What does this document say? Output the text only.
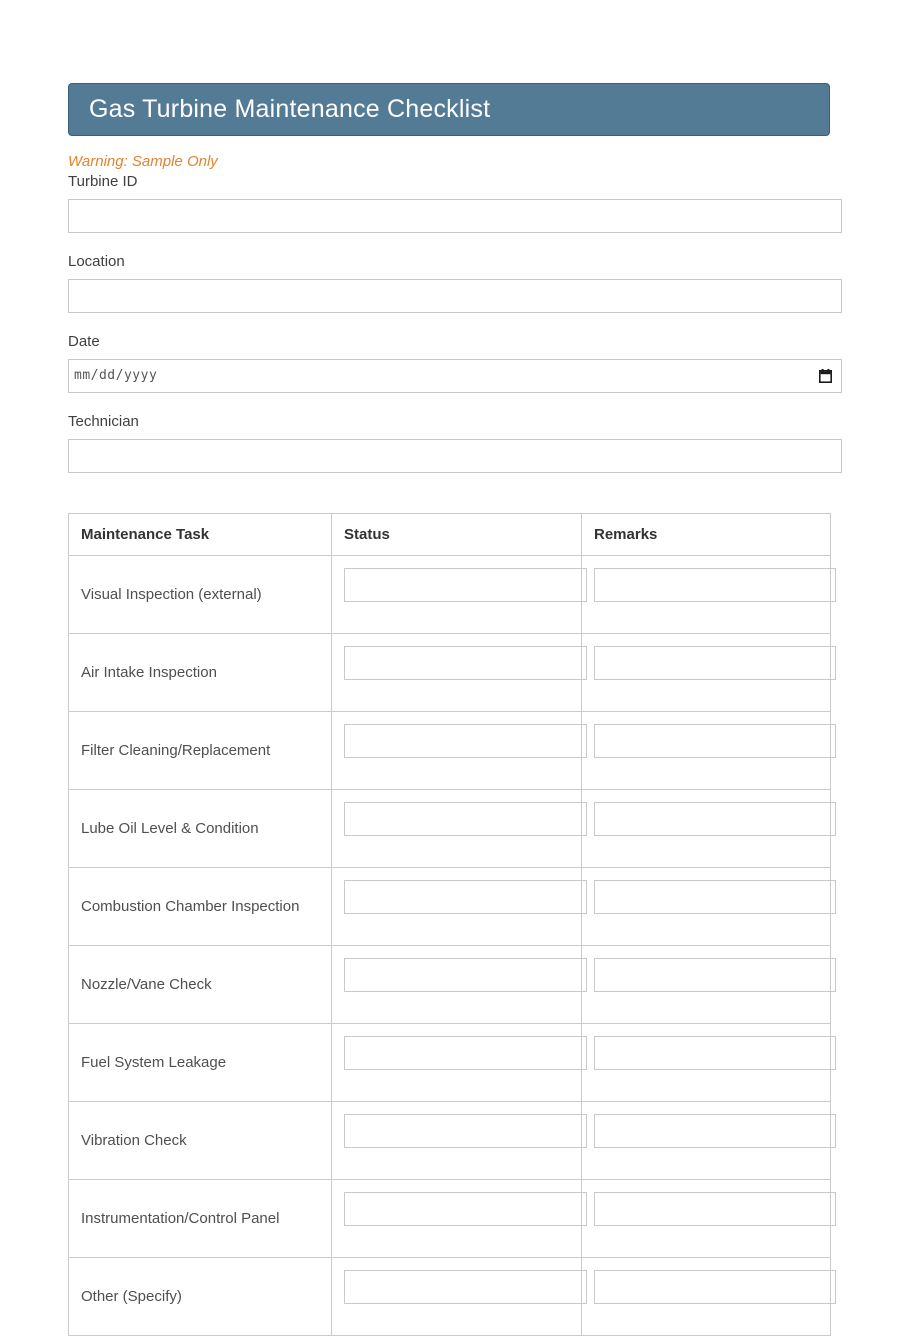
Gas Turbine Maintenance Checklist

Warning: Sample Only

Turbine ID
Location
Date
mm/dd/yyyy
Technician
Maintenance Task	Status	Remarks
Visual Inspection (external)	

Air Intake Inspection	

Filter Cleaning/Replacement	

Lube Oil Level & Condition	

Combustion Chamber Inspection	

Nozzle/Vane Check	

Fuel System Leakage	

Vibration Check	

Instrumentation/Control Panel	

Other (Specify)	
